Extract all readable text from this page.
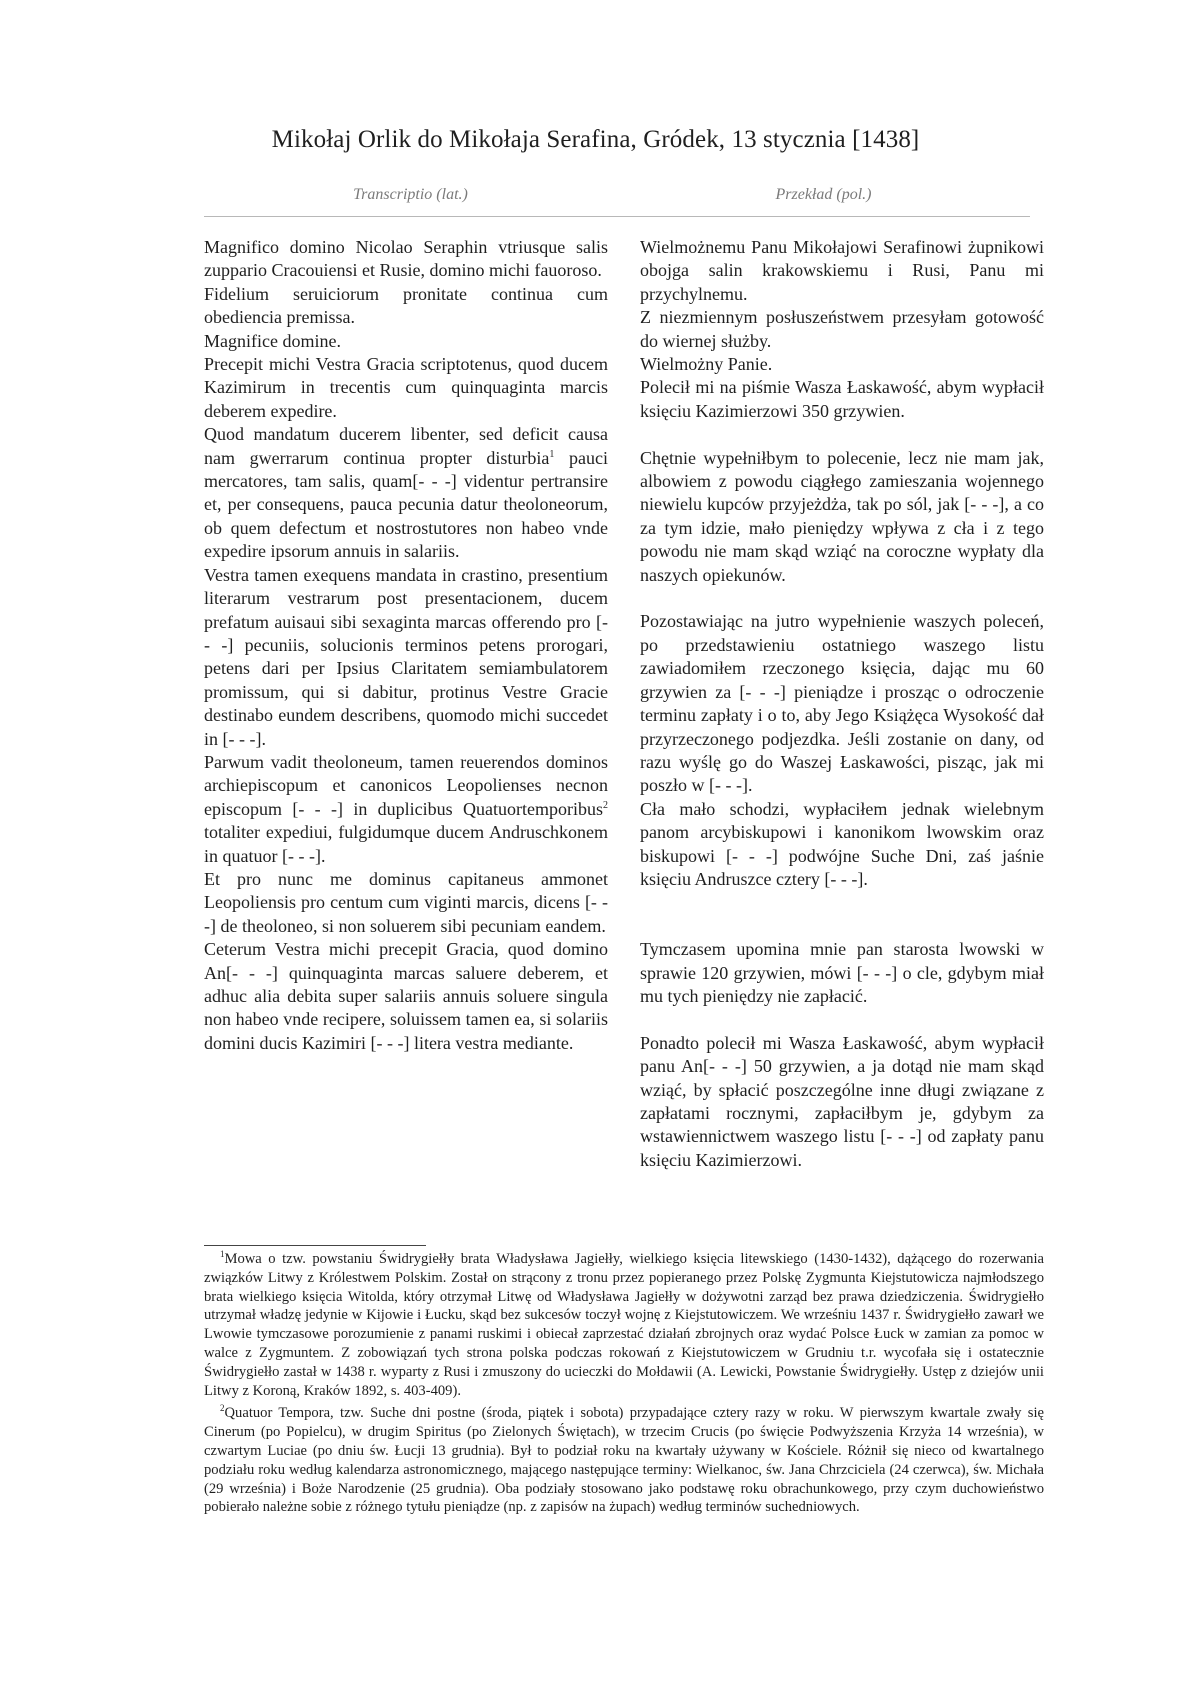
Mikołaj Orlik do Mikołaja Serafina, Gródek, 13 stycznia [1438]
Transcriptio (lat.)	Przekład (pol.)

Magnifico domino Nicolao Seraphin vtriusque salis zuppario Cracouiensi et Rusie, domino michi fauoroso.

Fidelium seruiciorum pronitate continua cum obediencia premissa.

Magnifice domine.

Precepit michi Vestra Gracia scriptotenus, quod ducem Kazimirum in trecentis cum quinquaginta marcis deberem expedire.

Quod mandatum ducerem libenter, sed deficit causa nam gwerrarum continua propter disturbia$^1$ pauci mercatores, tam salis, quam[- - -] videntur pertransire et, per consequens, pauca pecunia datur theoloneorum, ob quem defectum et nostrostutores non habeo vnde expedire ipsorum annuis in salariis.

Vestra tamen exequens mandata in crastino, presentium literarum vestrarum post presentacionem, ducem prefatum auisaui sibi sexaginta marcas offerendo pro [- - -] pecuniis, solucionis terminos petens prorogari, petens dari per Ipsius Claritatem semiambulatorem promissum, qui si dabitur, protinus Vestre Gracie destinabo eundem describens, quomodo michi succedet in [- - -].

Parwum vadit theoloneum, tamen reuerendos dominos archiepiscopum et canonicos Leopolienses necnon episcopum [- - -] in duplicibus Quatuortemporibus$^2$ totaliter expediui, fulgidumque ducem Andruschkonem in quatuor [- - -].

Et pro nunc me dominus capitaneus ammonet Leopoliensis pro centum cum viginti marcis, dicens [- - -] de theoloneo, si non soluerem sibi pecuniam eandem.

Ceterum Vestra michi precepit Gracia, quod domino An[- - -] quinquaginta marcas saluere deberem, et adhuc alia debita super salariis annuis soluere singula non habeo vnde recipere, soluissem tamen ea, si solariis domini ducis Kazimiri [- - -] litera vestra mediante.

Wielmożnemu Panu Mikołajowi Serafinowi żupnikowi obojga salin krakowskiemu i Rusi, Panu mi przychylnemu.

Z niezmiennym posłuszeństwem przesyłam gotowość do wiernej służby.

Wielmożny Panie.

Polecił mi na piśmie Wasza Łaskawość, abym wypłacił księciu Kazimierzowi 350 grzywien.

Chętnie wypełniłbym to polecenie, lecz nie mam jak, albowiem z powodu ciągłego zamieszania wojennego niewielu kupców przyjeżdża, tak po sól, jak [- - -], a co za tym idzie, mało pieniędzy wpływa z cła i z tego powodu nie mam skąd wziąć na coroczne wypłaty dla naszych opiekunów.

Pozostawiając na jutro wypełnienie waszych poleceń, po przedstawieniu ostatniego waszego listu zawiadomiłem rzeczonego księcia, dając mu 60 grzywien za [- - -] pieniądze i prosząc o odroczenie terminu zapłaty i o to, aby Jego Książęca Wysokość dał przyrzeczonego podjezdka. Jeśli zostanie on dany, od razu wyślę go do Waszej Łaskawości, pisząc, jak mi poszło w [- - -].

Cła mało schodzi, wypłaciłem jednak wielebnym panom arcybiskupowi i kanonikom lwowskim oraz biskupowi [- - -] podwójne Suche Dni, zaś jaśnie księciu Andruszce cztery [- - -].

Tymczasem upomina mnie pan starosta lwowski w sprawie 120 grzywien, mówi [- - -] o cle, gdybym miał mu tych pieniędzy nie zapłacić.

Ponadto polecił mi Wasza Łaskawość, abym wypłacił panu An[- - -] 50 grzywien, a ja dotąd nie mam skąd wziąć, by spłacić poszczególne inne długi związane z zapłatami rocznymi, zapłaciłbym je, gdybym za wstawiennictwem waszego listu [- - -] od zapłaty panu księciu Kazimierzowi.

$^1$Mowa o tzw. powstaniu Świdrygiełły brata Władysława Jagiełły, wielkiego księcia litewskiego (1430-1432), dążącego do rozerwania związków Litwy z Królestwem Polskim. Został on strącony z tronu przez popieranego przez Polskę Zygmunta Kiejstutowicza najmłodszego brata wielkiego księcia Witolda, który otrzymał Litwę od Władysława Jagiełły w dożywotni zarząd bez prawa dziedziczenia. Świdrygiełło utrzymał władzę jedynie w Kijowie i Łucku, skąd bez sukcesów toczył wojnę z Kiejstutowiczem. We wrześniu 1437 r. Świdrygiełło zawarł we Lwowie tymczasowe porozumienie z panami ruskimi i obiecał zaprzestać działań zbrojnych oraz wydać Polsce Łuck w zamian za pomoc w walce z Zygmuntem. Z zobowiązań tych strona polska podczas rokowań z Kiejstutowiczem w Grudniu t.r. wycofała się i ostatecznie Świdrygiełło zastał w 1438 r. wyparty z Rusi i zmuszony do ucieczki do Mołdawii (A. Lewicki, Powstanie Świdrygiełły. Ustęp z dziejów unii Litwy z Koroną, Kraków 1892, s. 403-409).

$^2$Quatuor Tempora, tzw. Suche dni postne (środa, piątek i sobota) przypadające cztery razy w roku. W pierwszym kwartale zwały się Cinerum (po Popielcu), w drugim Spiritus (po Zielonych Świętach), w trzecim Crucis (po święcie Podwyższenia Krzyża 14 września), w czwartym Luciae (po dniu św. Łucji 13 grudnia). Był to podział roku na kwartały używany w Kościele. Różnił się nieco od kwartalnego podziału roku według kalendarza astronomicznego, mającego następujące terminy: Wielkanoc, św. Jana Chrzciciela (24 czerwca), św. Michała (29 września) i Boże Narodzenie (25 grudnia). Oba podziały stosowano jako podstawę roku obrachunkowego, przy czym duchowieństwo pobierało należne sobie z różnego tytułu pieniądze (np. z zapisów na żupach) według terminów suchedniowych.
